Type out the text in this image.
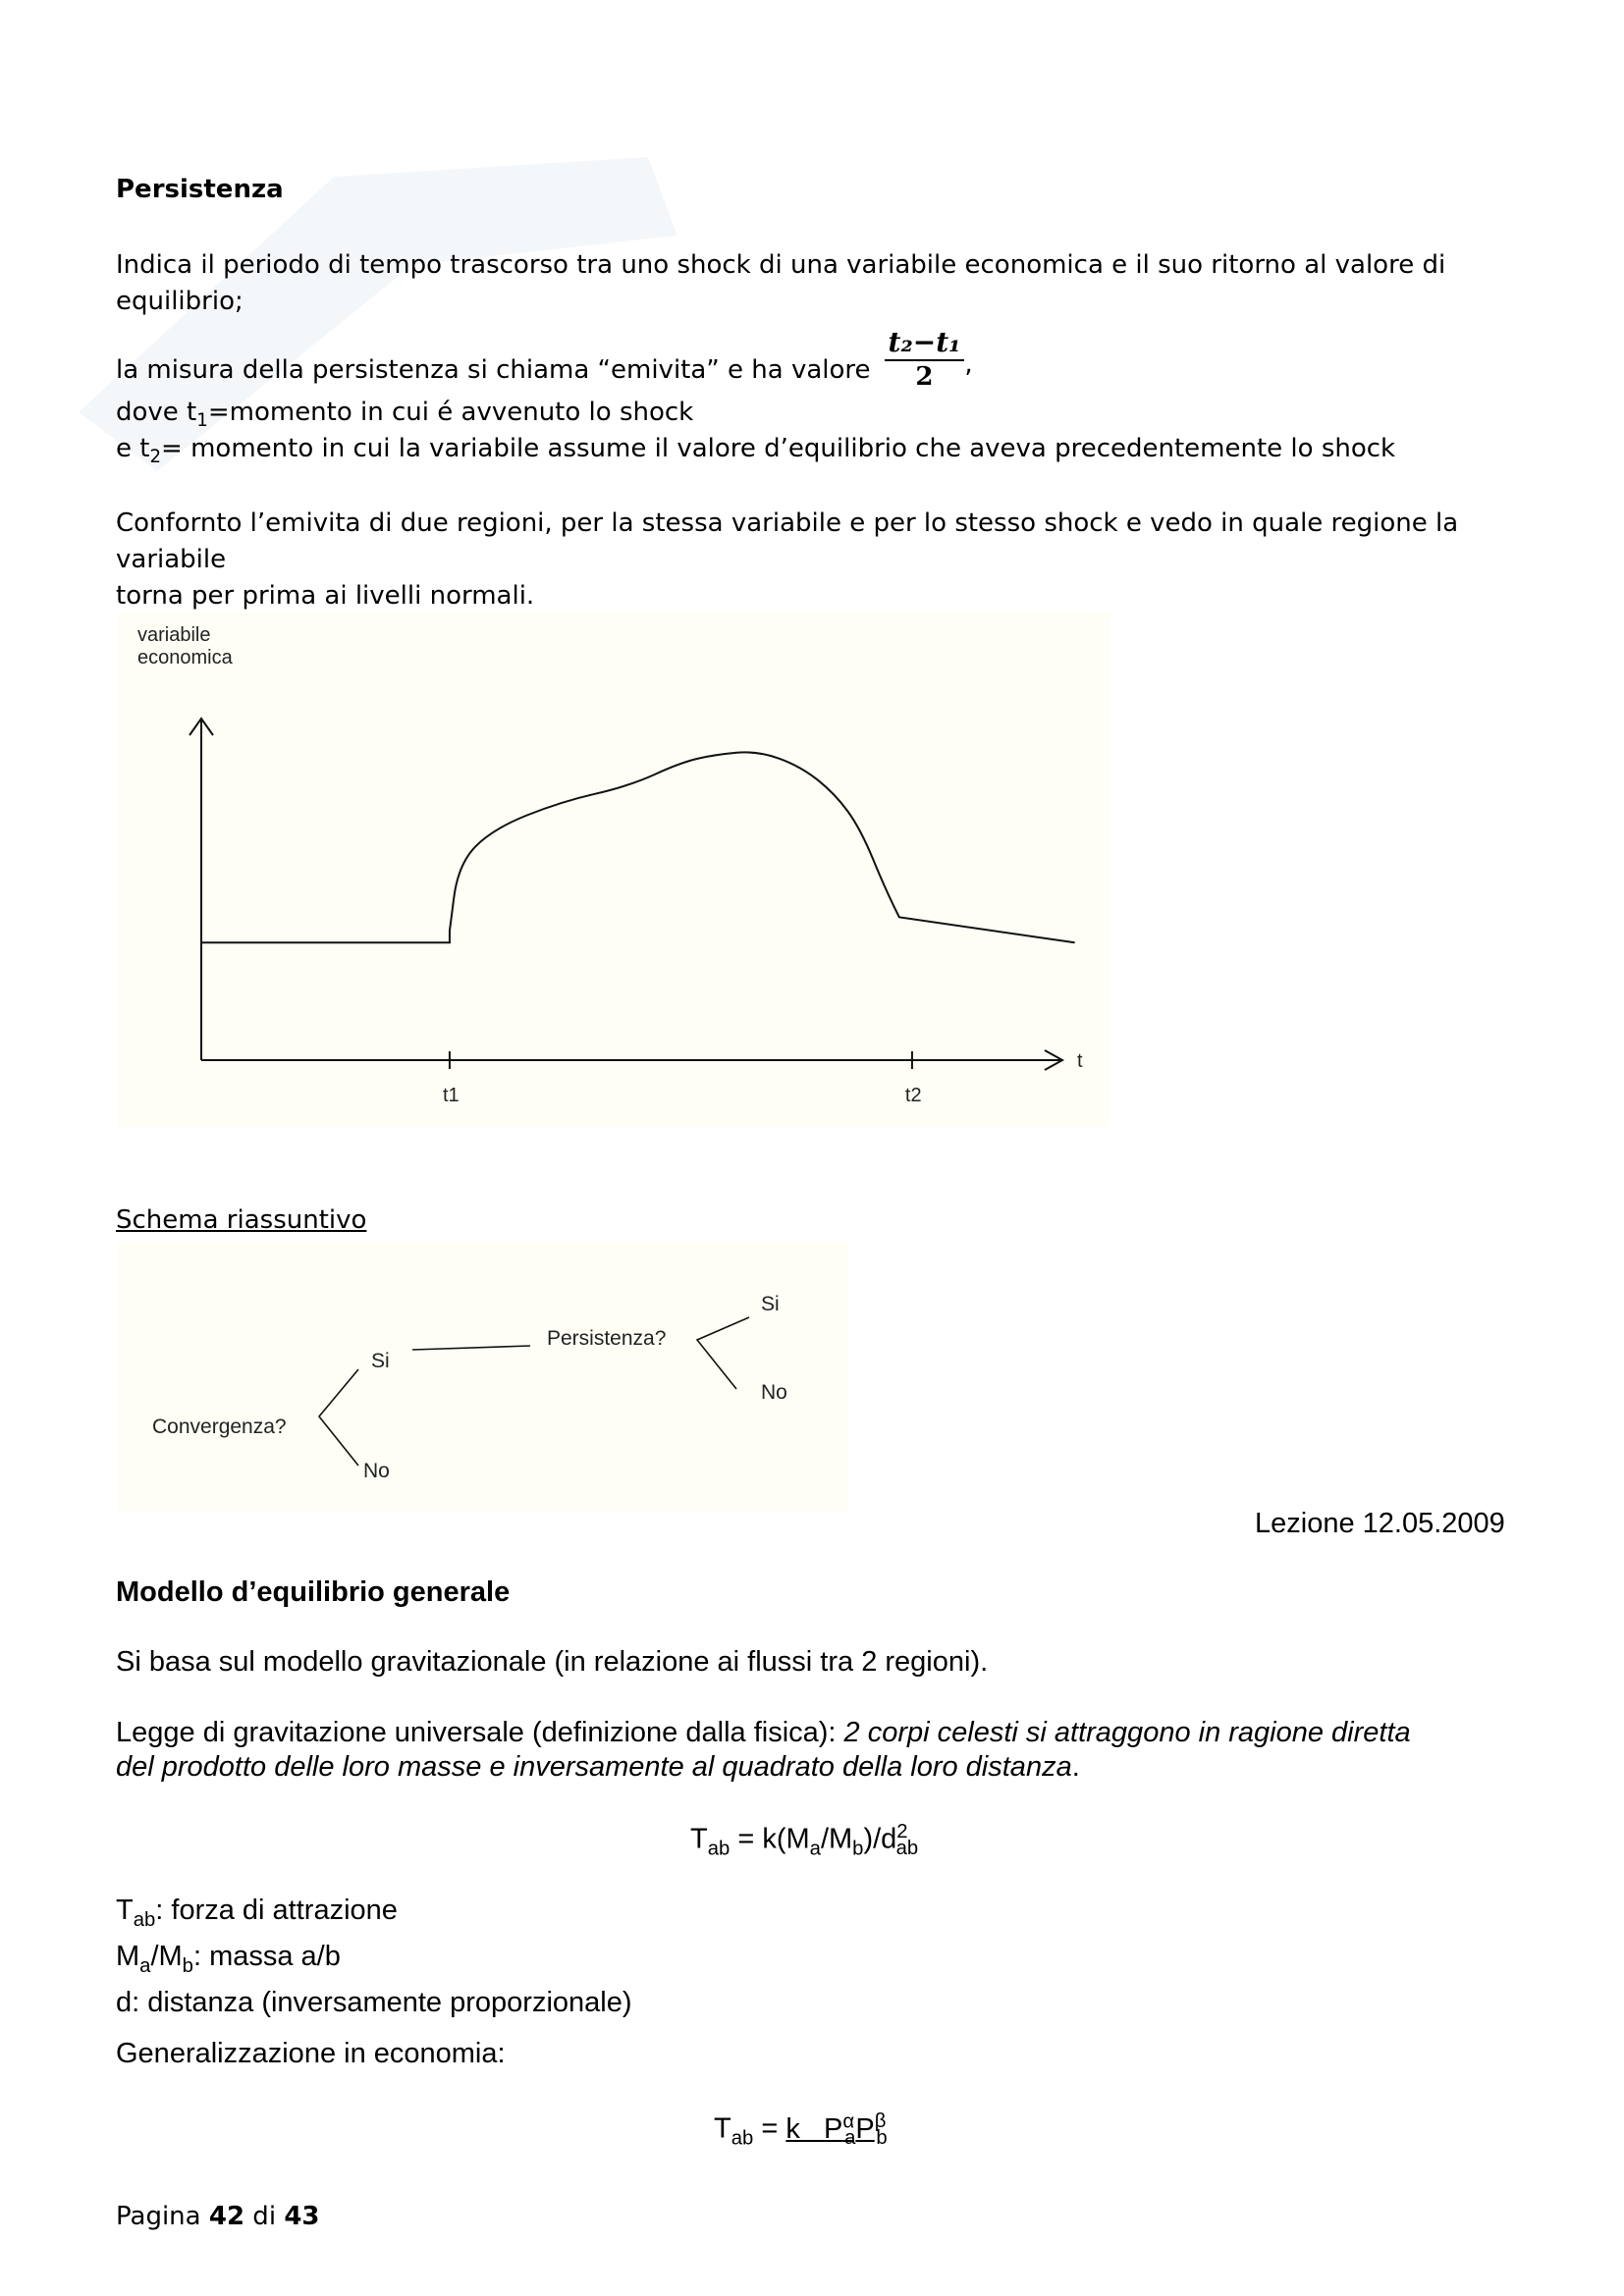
Persistenza
Indica il periodo di tempo trascorso tra uno shock di una variabile economica e il suo ritorno al valore di
equilibrio;
la misura della persistenza si chiama “emivita” e ha valore $\frac{\text{t₂−t₁}}{2}$ ,
dove $t_1=momento$ in cui é avvenuto lo shock
e $t_2=$ momento in cui la variabile assume il valore d’equilibrio che aveva precedentemente lo shock
Confornto l’emivita di due regioni, per la stessa variabile e per lo stesso shock e vedo in quale regione la variabile
torna per prima ai livelli normali.
variabile
economica
t
t1	t2
Schema riassuntivo
Convergenza?
Si
No
Persistenza?
Si
No
Lezione 12.05.2009
Modello d’equilibrio generale
Si basa sul modello gravitazionale (in relazione ai flussi tra 2 regioni).
Legge di gravitazione universale (definizione dalla fisica): 2 corpi celesti si attraggono in ragione diretta
del prodotto delle loro masse e inversamente al quadrato della loro distanza.
$T_{ab} = k(M_a/M_b)/d^2_{ab}$
$T_{ab}$: forza di attrazione
$M_a/M_b$: massa a/b
d: distanza (inversamente proporzionale)
Generalizzazione in economia:
$T_{ab} = k$   $P^\alpha_aP^\beta_b$
Pagina 42 di 43
